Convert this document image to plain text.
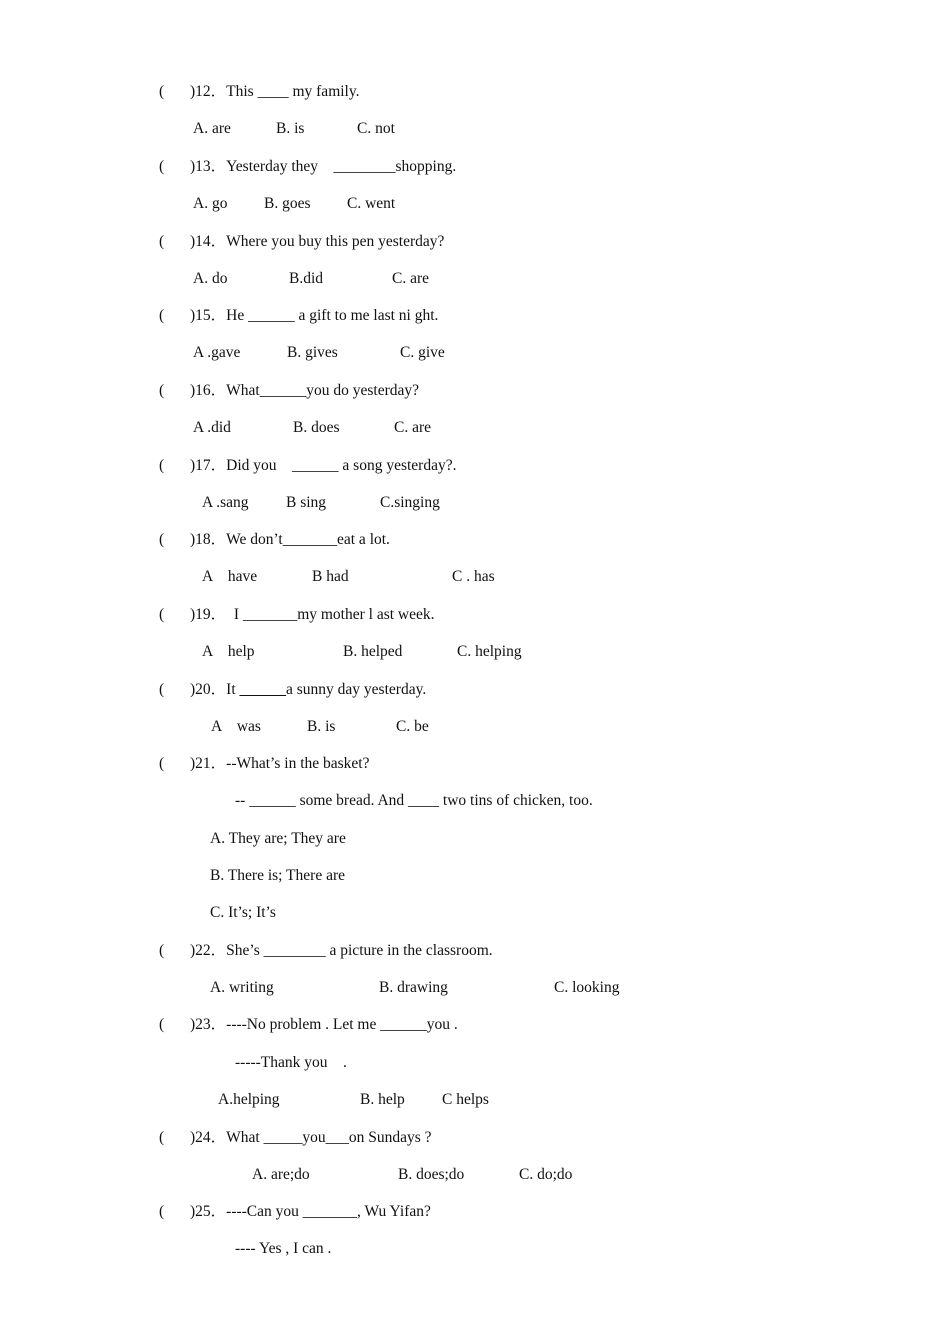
( )12．This ____ my family.
A. are	B. is	C. not
( )13．Yesterday they    ________shopping.
A. go B. goes C. went
( )14．Where you buy this pen yesterday?
A. do	B.did	C. are
( )15．He ______ a gift to me last ni ght.
A .gave	B. gives	C. give
( )16．What______you do yesterday?
A .did	B. does	C. are
( )17．Did you    ______ a song yesterday?.
A .sang B sing	C.singing
( )18．We don’t_______eat a lot.
A    have	B had	C . has
( )19．  I _______my mother l ast week.
A    help	B. helped	C. helping
( )20．It ______a sunny day yesterday.
A    was	B. is	C. be
( )21．--What’s in the basket?
-- ______ some bread. And ____ two tins of chicken, too.
A. They are; They are
B. There is; There are
C. It’s; It’s
( )22．She’s ________ a picture in the classroom.
A. writing	B. drawing	C. looking
( )23．----No problem . Let me ______you .
-----Thank you    .
A.helping	B. help C helps
( )24．What _____you___on Sundays ?
A. are;do	B. does;do	C. do;do
( )25．----Can you _______, Wu Yifan?
---- Yes , I can .
